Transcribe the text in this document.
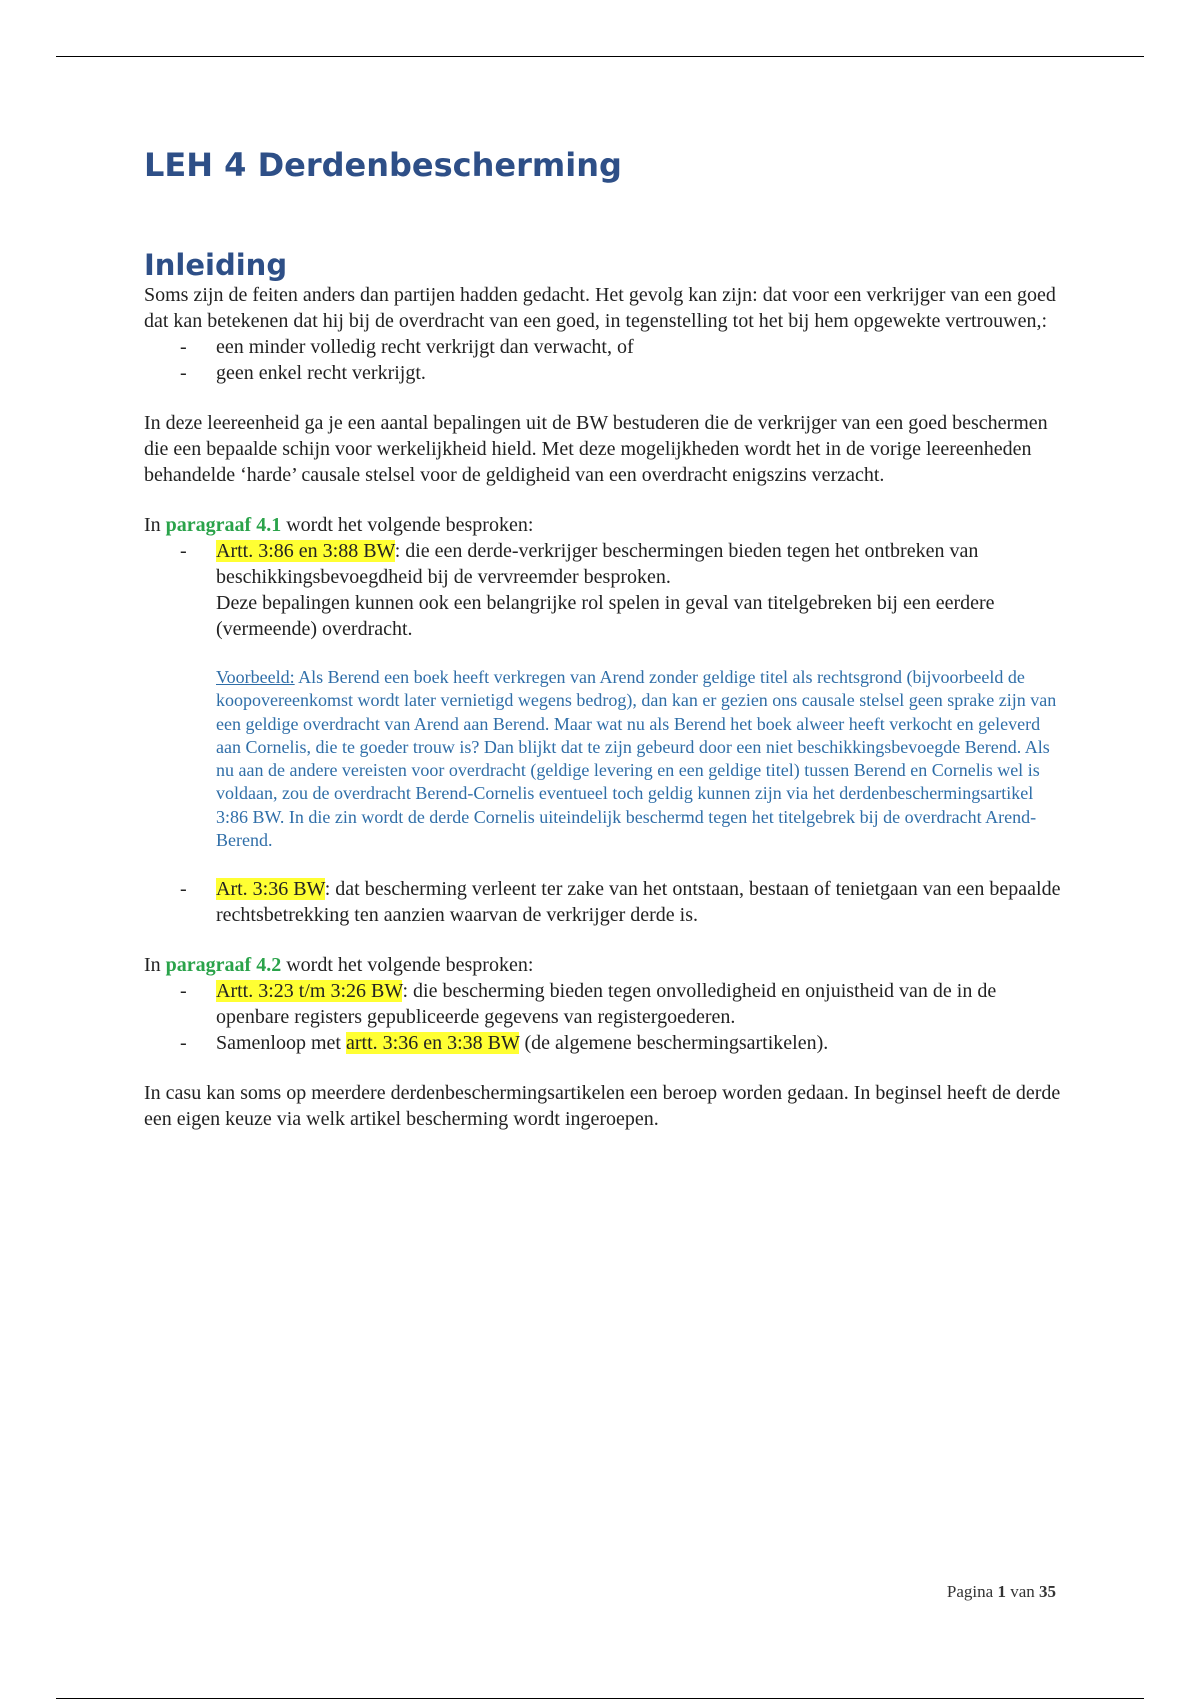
LEH 4 Derdenbescherming
Inleiding

Soms zijn de feiten anders dan partijen hadden gedacht. Het gevolg kan zijn: dat voor een verkrijger van een goed dat kan betekenen dat hij bij de overdracht van een goed, in tegenstelling tot het bij hem opgewekte vertrouwen,:

- een minder volledig recht verkrijgt dan verwacht, of
- geen enkel recht verkrijgt.

In deze leereenheid ga je een aantal bepalingen uit de BW bestuderen die de verkrijger van een goed beschermen die een bepaalde schijn voor werkelijkheid hield. Met deze mogelijkheden wordt het in de vorige leereenheden behandelde ‘harde’ causale stelsel voor de geldigheid van een overdracht enigszins verzacht.

In paragraaf 4.1 wordt het volgende besproken:

- Artt. 3:86 en 3:88 BW: die een derde-verkrijger beschermingen bieden tegen het ontbreken van beschikkingsbevoegdheid bij de vervreemder besproken.
Deze bepalingen kunnen ook een belangrijke rol spelen in geval van titelgebreken bij een eerdere (vermeende) overdracht.
Voorbeeld: Als Berend een boek heeft verkregen van Arend zonder geldige titel als rechtsgrond (bijvoorbeeld de koopovereenkomst wordt later vernietigd wegens bedrog), dan kan er gezien ons causale stelsel geen sprake zijn van een geldige overdracht van Arend aan Berend. Maar wat nu als Berend het boek alweer heeft verkocht en geleverd aan Cornelis, die te goeder trouw is? Dan blijkt dat te zijn gebeurd door een niet beschikkingsbevoegde Berend. Als nu aan de andere vereisten voor overdracht (geldige levering en een geldige titel) tussen Berend en Cornelis wel is voldaan, zou de overdracht Berend-Cornelis eventueel toch geldig kunnen zijn via het derdenbeschermingsartikel 3:86 BW. In die zin wordt de derde Cornelis uiteindelijk beschermd tegen het titelgebrek bij de overdracht Arend-Berend.
- Art. 3:36 BW: dat bescherming verleent ter zake van het ontstaan, bestaan of tenietgaan van een bepaalde rechtsbetrekking ten aanzien waarvan de verkrijger derde is.

In paragraaf 4.2 wordt het volgende besproken:

- Artt. 3:23 t/m 3:26 BW: die bescherming bieden tegen onvolledigheid en onjuistheid van de in de openbare registers gepubliceerde gegevens van registergoederen.
- Samenloop met artt. 3:36 en 3:38 BW (de algemene beschermingsartikelen).

In casu kan soms op meerdere derdenbeschermingsartikelen een beroep worden gedaan. In beginsel heeft de derde een eigen keuze via welk artikel bescherming wordt ingeroepen.

Pagina 1 van 35
